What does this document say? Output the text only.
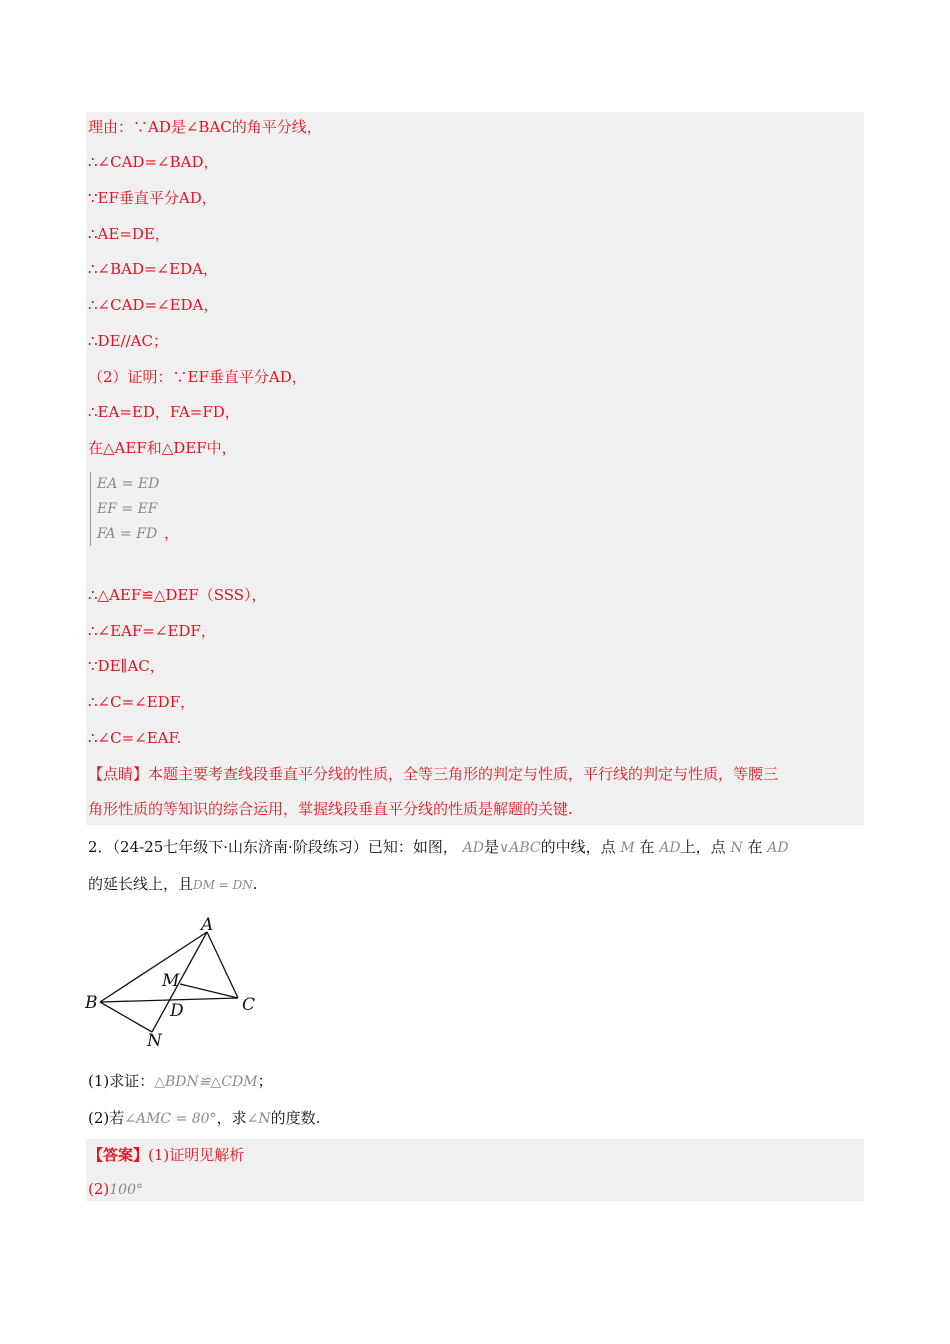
理由：∵AD是∠BAC的角平分线，
∴∠CAD=∠BAD，
∵EF垂直平分AD，
∴AE=DE，
∴∠BAD=∠EDA，
∴∠CAD=∠EDA，
∴DE//AC；
（2）证明：∵EF垂直平分AD，
∴EA=ED，FA=FD，
在△AEF和△DEF中，
EA = ED
EF = EF
FA = FD ，
∴△AEF≌△DEF（SSS），
∴∠EAF=∠EDF，
∵DE∥AC，
∴∠C=∠EDF，
∴∠C=∠EAF.
【点睛】本题主要考查线段垂直平分线的性质，全等三角形的判定与性质，平行线的判定与性质，等腰三
角形性质的等知识的综合运用，掌握线段垂直平分线的性质是解题的关键.
2．（24-25七年级下·山东济南·阶段练习）已知：如图， AD是∨ABC的中线，点 M 在 AD上，点 N 在 AD
的延长线上，且DM = DN.
A
B	C
D
M
N
(1)求证：△BDN≌△CDM；
(2)若∠AMC = 80°，求∠N的度数.
【答案】(1)证明见解析
(2)100°
